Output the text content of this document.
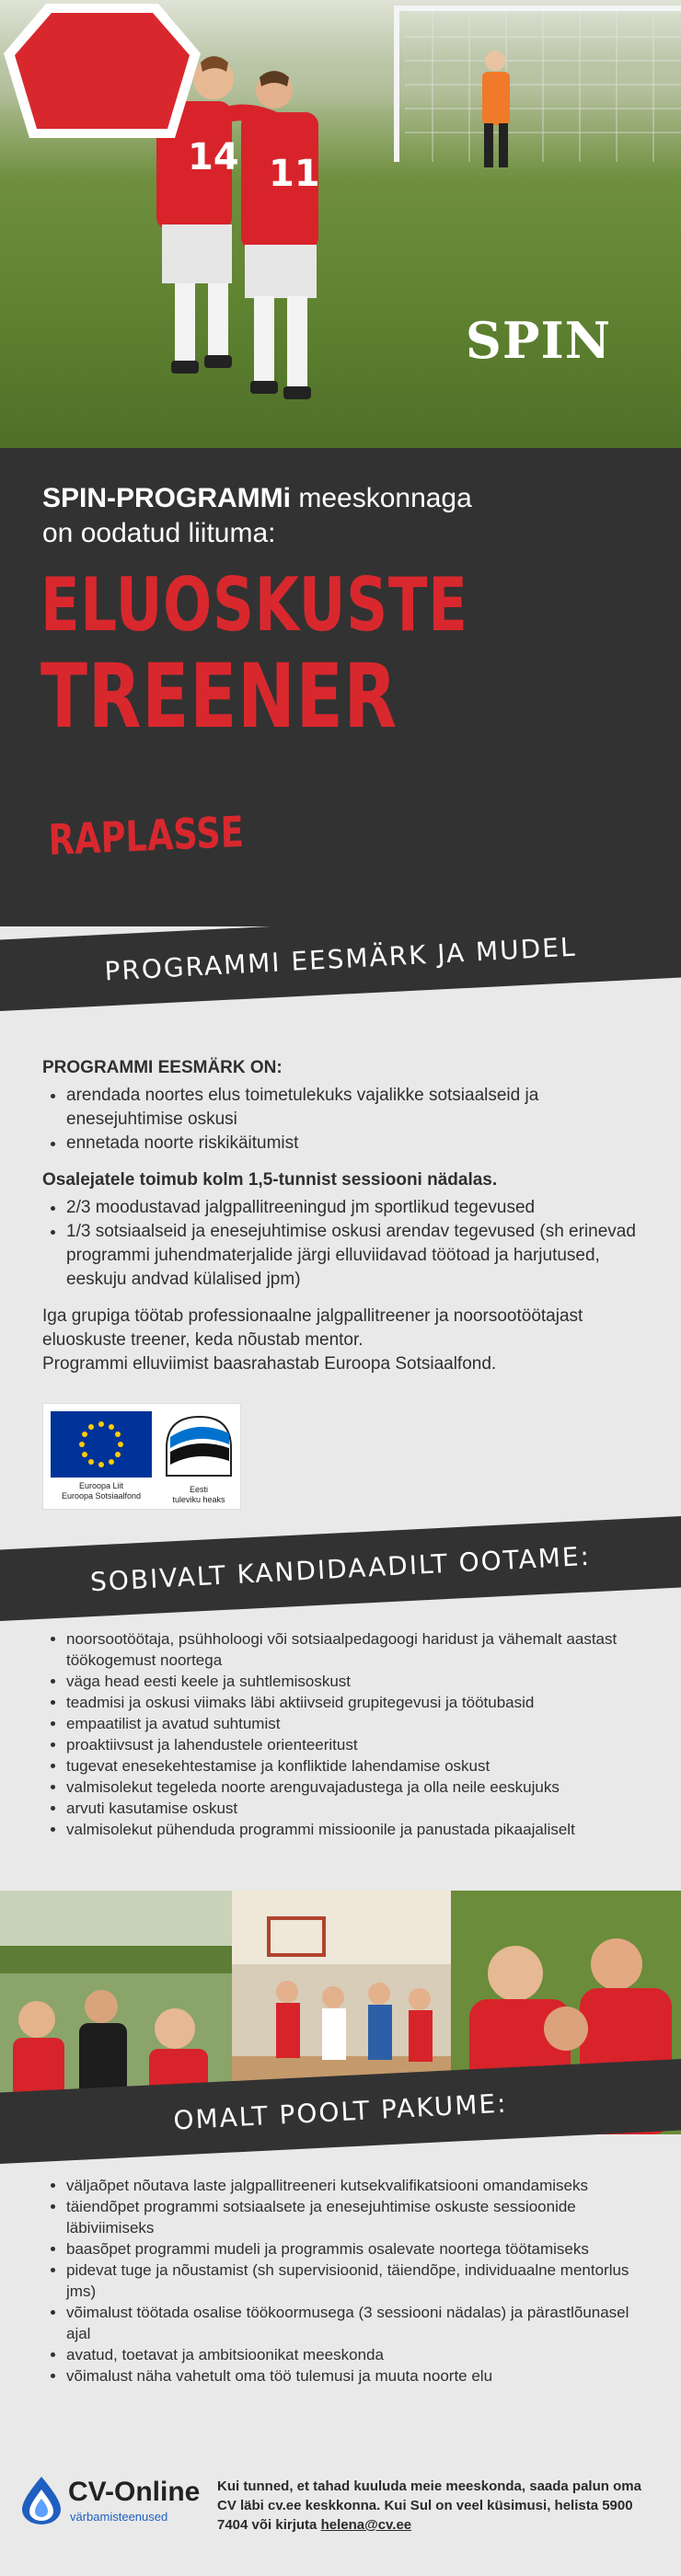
14 11
SPIN

SPIN-PROGRAMMi meeskonnaga
on oodatud liituma:

ELUOSKUSTE
TREENER
RAPLASSE
PROGRAMMI EESMÄRK JA MUDEL

PROGRAMMI EESMÄRK ON:

• arendada noortes elus toimetulekuks vajalikke sotsiaalseid ja enesejuhtimise oskusi
• ennetada noorte riskikäitumist

Osalejatele toimub kolm 1,5-tunnist sessiooni nädalas.

• 2/3 moodustavad jalgpallitreeningud jm sportlikud tegevused
• 1/3 sotsiaalseid ja enesejuhtimise oskusi arendav tegevused (sh erinevad programmi juhendmaterjalide järgi elluviidavad töötoad ja harjutused, eeskuju andvad külalised jpm)

Iga grupiga töötab professionaalne jalgpallitreener ja noorsootöötajast eluoskuste treener, keda nõustab mentor.

Programmi elluviimist baasrahastab Euroopa Sotsiaalfond.

Euroopa Liit
Euroopa Sotsiaalfond
Eesti
tuleviku heaks
SOBIVALT KANDIDAADILT OOTAME:
• noorsootöötaja, psühholoogi või sotsiaalpedagoogi haridust ja vähemalt aastast töökogemust noortega
• väga head eesti keele ja suhtlemisoskust
• teadmisi ja oskusi viimaks läbi aktiivseid grupitegevusi ja töötubasid
• empaatilist ja avatud suhtumist
• proaktiivsust ja lahendustele orienteeritust
• tugevat enesekehtestamise ja konfliktide lahendamise oskust
• valmisolekut tegeleda noorte arenguvajadustega ja olla neile eeskujuks
• arvuti kasutamise oskust
• valmisolekut pühenduda programmi missioonile ja panustada pikaajaliselt
OMALT POOLT PAKUME:
• väljaõpet nõutava laste jalgpallitreeneri kutsekvalifikatsiooni omandamiseks
• täiendõpet programmi sotsiaalsete ja enesejuhtimise oskuste sessioonide läbiviimiseks
• baasõpet programmi mudeli ja programmis osalevate noortega töötamiseks
• pidevat tuge ja nõustamist (sh supervisioonid, täiendõpe, individuaalne mentorlus jms)
• võimalust töötada osalise töökoormusega (3 sessiooni nädalas) ja pärastlõunasel ajal
• avatud, toetavat ja ambitsioonikat meeskonda
• võimalust näha vahetult oma töö tulemusi ja muuta noorte elu
CV-Online
värbamisteenused
Kui tunned, et tahad kuuluda meie meeskonda, saada palun oma CV läbi cv.ee keskkonna. Kui Sul on veel küsimusi, helista 5900 7404 või kirjuta helena@cv.ee
